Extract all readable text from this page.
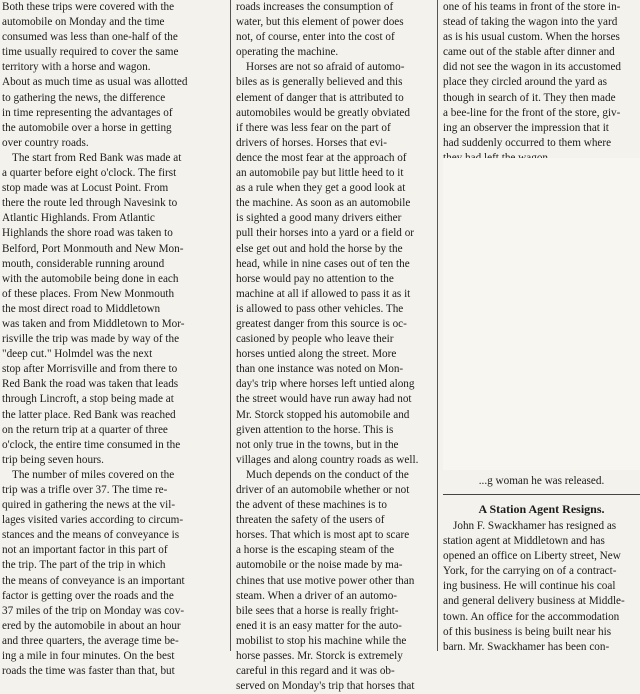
Both these trips were covered with the

automobile on Monday and the time

consumed was less than one-half of the

time usually required to cover the same

territory with a horse and wagon.

About as much time as usual was allotted

to gathering the news, the difference

in time representing the advantages of

the automobile over a horse in getting

over country roads.

The start from Red Bank was made at

a quarter before eight o'clock. The first

stop made was at Locust Point. From

there the route led through Navesink to

Atlantic Highlands. From Atlantic

Highlands the shore road was taken to

Belford, Port Monmouth and New Mon-

mouth, considerable running around

with the automobile being done in each

of these places. From New Monmouth

the most direct road to Middletown

was taken and from Middletown to Mor-

risville the trip was made by way of the

"deep cut." Holmdel was the next

stop after Morrisville and from there to

Red Bank the road was taken that leads

through Lincroft, a stop being made at

the latter place. Red Bank was reached

on the return trip at a quarter of three

o'clock, the entire time consumed in the

trip being seven hours.

The number of miles covered on the

trip was a trifle over 37. The time re-

quired in gathering the news at the vil-

lages visited varies according to circum-

stances and the means of conveyance is

not an important factor in this part of

the trip. The part of the trip in which

the means of conveyance is an important

factor is getting over the roads and the

37 miles of the trip on Monday was cov-

ered by the automobile in about an hour

and three quarters, the average time be-

ing a mile in four minutes. On the best

roads the time was faster than that, but

roads increases the consumption of

water, but this element of power does

not, of course, enter into the cost of

operating the machine.

Horses are not so afraid of automo-

biles as is generally believed and this

element of danger that is attributed to

automobiles would be greatly obviated

if there was less fear on the part of

drivers of horses. Horses that evi-

dence the most fear at the approach of

an automobile pay but little heed to it

as a rule when they get a good look at

the machine. As soon as an automobile

is sighted a good many drivers either

pull their horses into a yard or a field or

else get out and hold the horse by the

head, while in nine cases out of ten the

horse would pay no attention to the

machine at all if allowed to pass it as it

is allowed to pass other vehicles. The

greatest danger from this source is oc-

casioned by people who leave their

horses untied along the street. More

than one instance was noted on Mon-

day's trip where horses left untied along

the street would have run away had not

Mr. Storck stopped his automobile and

given attention to the horse. This is

not only true in the towns, but in the

villages and along country roads as well.

Much depends on the conduct of the

driver of an automobile whether or not

the advent of these machines is to

threaten the safety of the users of

horses. That which is most apt to scare

a horse is the escaping steam of the

automobile or the noise made by ma-

chines that use motive power other than

steam. When a driver of an automo-

bile sees that a horse is really fright-

ened it is an easy matter for the auto-

mobilist to stop his machine while the

horse passes. Mr. Storck is extremely

careful in this regard and it was ob-

served on Monday's trip that horses that

one of his teams in front of the store in-

stead of taking the wagon into the yard

as is his usual custom. When the horses

came out of the stable after dinner and

did not see the wagon in its accustomed

place they circled around the yard as

though in search of it. They then made

a bee-line for the front of the store, giv-

ing an observer the impression that it

had suddenly occurred to them where

...g woman he was released.

A Station Agent Resigns.

John F. Swackhamer has resigned as

station agent at Middletown and has

opened an office on Liberty street, New

York, for the carrying on of a contract-

ing business. He will continue his coal

and general delivery business at Middle-

town. An office for the accommodation

of this business is being built near his

barn. Mr. Swackhamer has been con-
